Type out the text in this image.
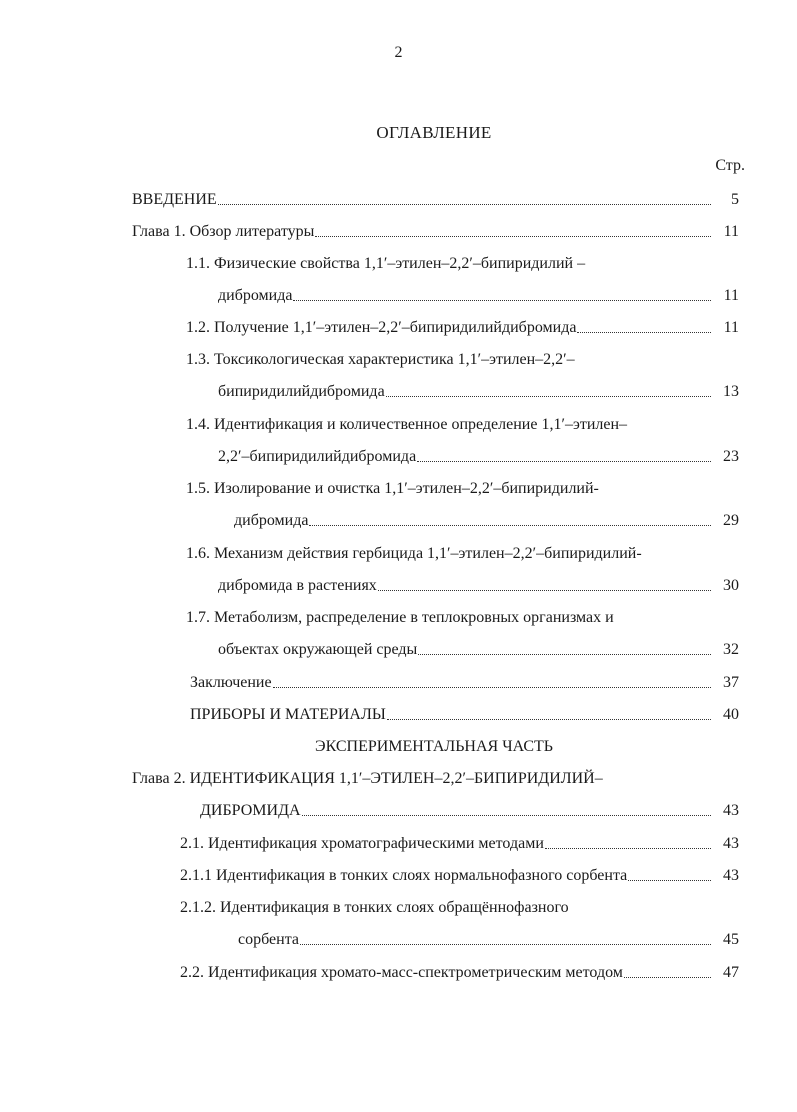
2
ОГЛАВЛЕНИЕ
Стр.
ВВЕДЕНИЕ	5
Глава 1. Обзор литературы	11
1.1. Физические свойства 1,1′–этилен–2,2′–бипиридилий –
дибромида	11
1.2. Получение 1,1′–этилен–2,2′–бипиридилийдибромида	11
1.3. Токсикологическая характеристика 1,1′–этилен–2,2′–
бипиридилийдибромида	13
1.4. Идентификация и количественное определение 1,1′–этилен–
2,2′–бипиридилийдибромида	23
1.5. Изолирование и очистка 1,1′–этилен–2,2′–бипиридилий-
дибромида	29
1.6. Механизм действия гербицида 1,1′–этилен–2,2′–бипиридилий-
дибромида в растениях	30
1.7. Метаболизм, распределение в теплокровных организмах и
объектах окружающей среды	32
Заключение	37
ПРИБОРЫ И МАТЕРИАЛЫ	40
ЭКСПЕРИМЕНТАЛЬНАЯ ЧАСТЬ
Глава 2. ИДЕНТИФИКАЦИЯ 1,1′–ЭТИЛЕН–2,2′–БИПИРИДИЛИЙ–
ДИБРОМИДА	43
2.1. Идентификация хроматографическими методами	43
2.1.1 Идентификация в тонких слоях нормальнофазного сорбента	43
2.1.2. Идентификация в тонких слоях обращённофазного
сорбента	45
2.2. Идентификация хромато-масс-спектрометрическим методом	47
